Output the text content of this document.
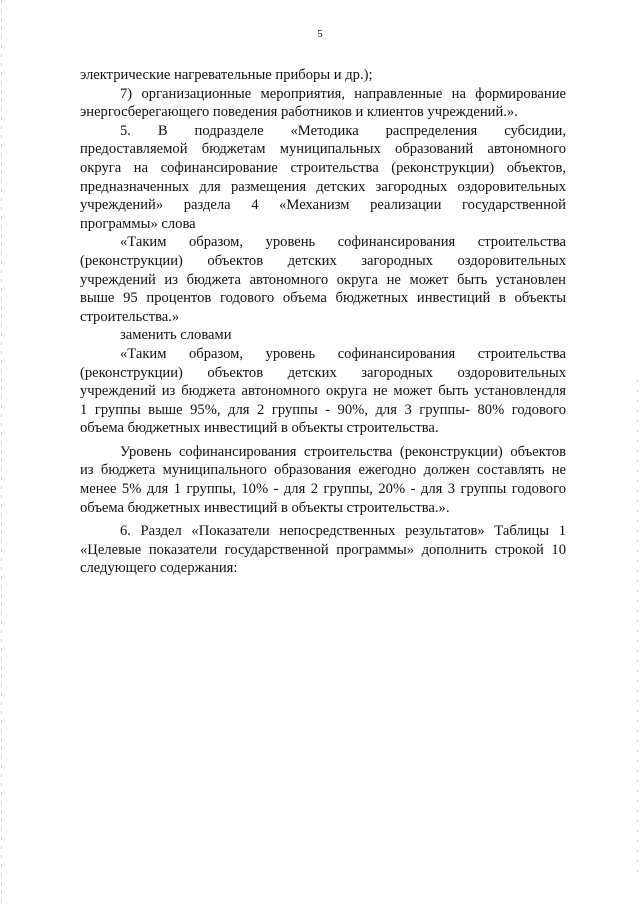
5

электрические нагревательные приборы и др.);

7) организационные мероприятия, направленные на формирование
энергосберегающего поведения работников и клиентов учреждений.».

5. В подразделе «Методика распределения субсидии,
предоставляемой бюджетам муниципальных образований автономного
округа на софинансирование строительства (реконструкции) объектов,
предназначенных для размещения детских загородных оздоровительных
учреждений» раздела 4 «Механизм реализации государственной
программы» слова

«Таким образом, уровень софинансирования строительства
(реконструкции) объектов детских загородных оздоровительных
учреждений из бюджета автономного округа не может быть установлен
выше 95 процентов годового объема бюджетных инвестиций в объекты
строительства.»

заменить словами

«Таким образом, уровень софинансирования строительства
(реконструкции) объектов детских загородных оздоровительных
учреждений из бюджета автономного округа не может быть установлендля
1 группы выше 95%, для 2 группы - 90%, для 3 группы- 80% годового
объема бюджетных инвестиций в объекты строительства.

Уровень софинансирования строительства (реконструкции) объектов
из бюджета муниципального образования ежегодно должен составлять не
менее 5% для 1 группы, 10% - для 2 группы, 20% - для 3 группы годового
объема бюджетных инвестиций в объекты строительства.».

6. Раздел «Показатели непосредственных результатов» Таблицы 1
«Целевые показатели государственной программы» дополнить строкой 10
следующего содержания:
